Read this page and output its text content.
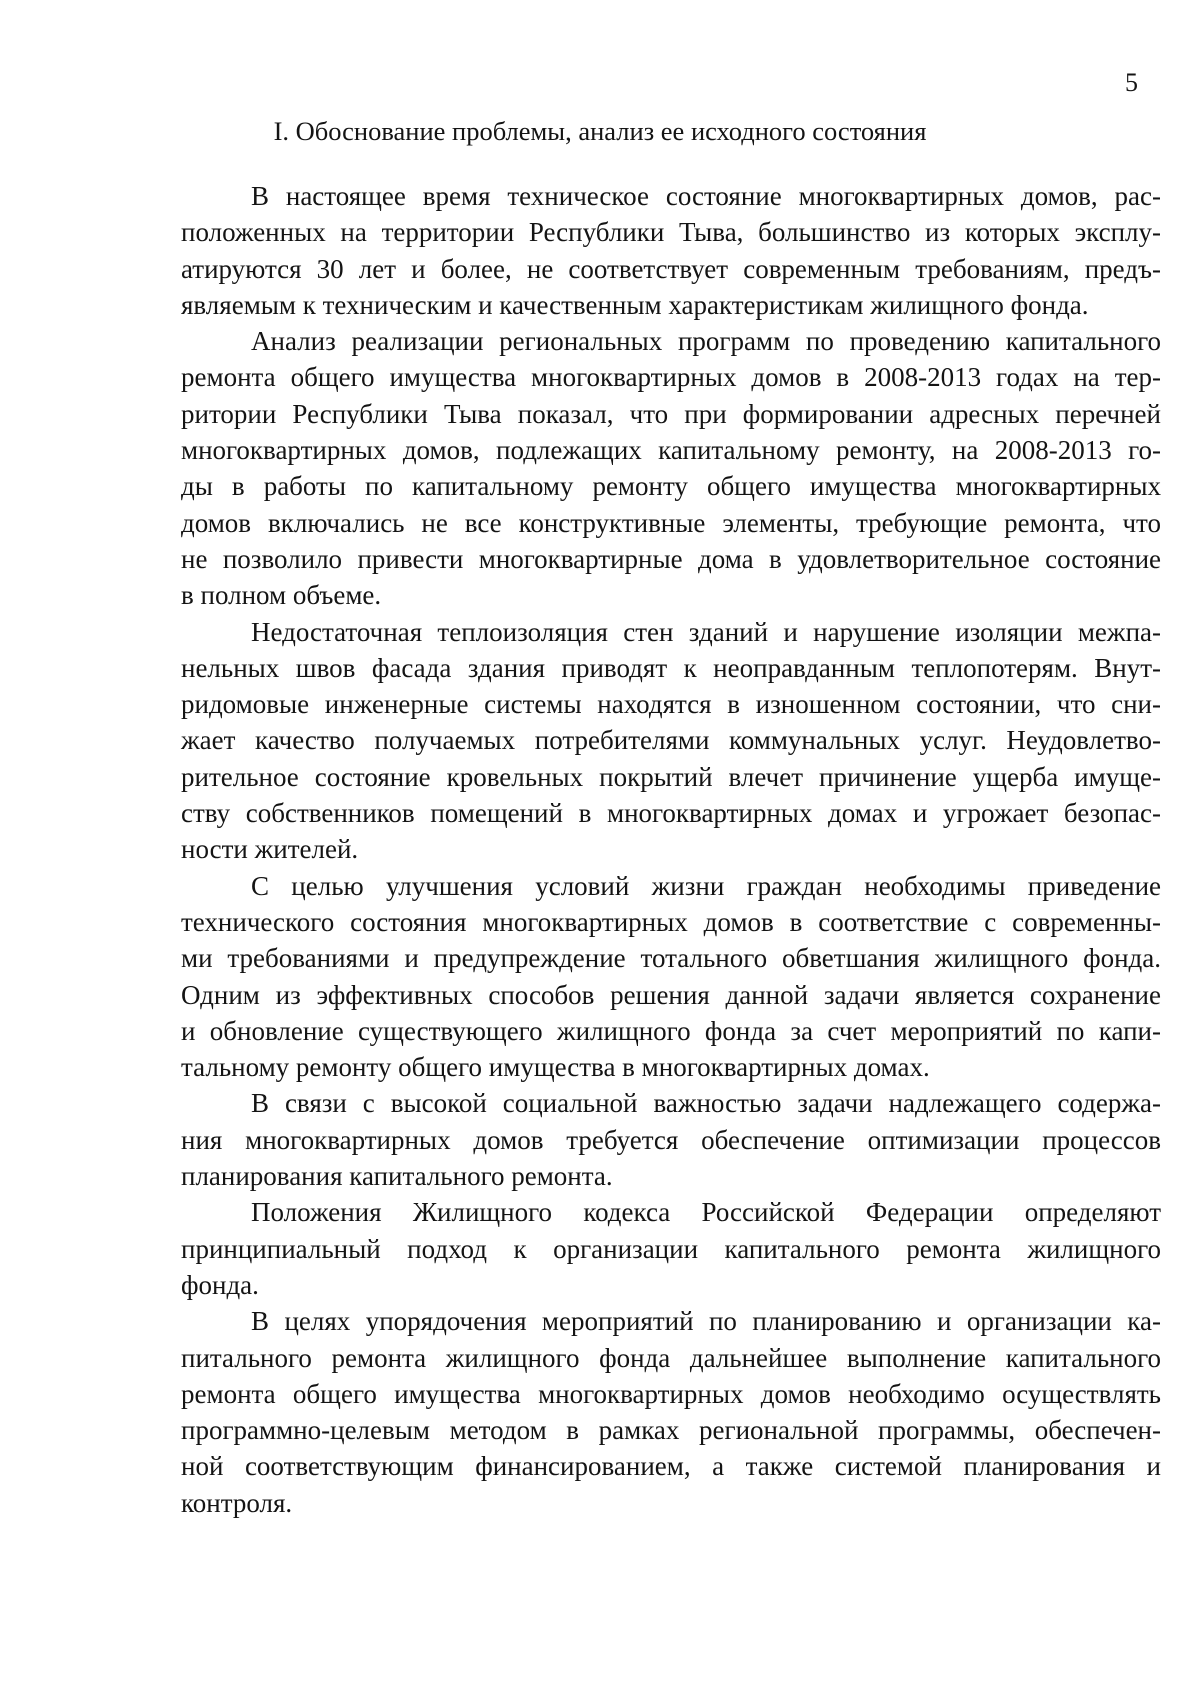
5
I. Обоснование проблемы, анализ ее исходного состояния

В настоящее время техническое состояние многоквартирных домов, рас-
положенных на территории Республики Тыва, большинство из которых эксплу-
атируются 30 лет и более, не соответствует современным требованиям, предъ-
являемым к техническим и качественным характеристикам жилищного фонда.

Анализ реализации региональных программ по проведению капитального
ремонта общего имущества многоквартирных домов в 2008-2013 годах на тер-
ритории Республики Тыва показал, что при формировании адресных перечней
многоквартирных домов, подлежащих капитальному ремонту, на 2008-2013 го-
ды в работы по капитальному ремонту общего имущества многоквартирных
домов включались не все конструктивные элементы, требующие ремонта, что
не позволило привести многоквартирные дома в удовлетворительное состояние
в полном объеме.

Недостаточная теплоизоляция стен зданий и нарушение изоляции межпа-
нельных швов фасада здания приводят к неоправданным теплопотерям. Внут-
ридомовые инженерные системы находятся в изношенном состоянии, что сни-
жает качество получаемых потребителями коммунальных услуг. Неудовлетво-
рительное состояние кровельных покрытий влечет причинение ущерба имуще-
ству собственников помещений в многоквартирных домах и угрожает безопас-
ности жителей.

С целью улучшения условий жизни граждан необходимы приведение
технического состояния многоквартирных домов в соответствие с современны-
ми требованиями и предупреждение тотального обветшания жилищного фонда.
Одним из эффективных способов решения данной задачи является сохранение
и обновление существующего жилищного фонда за счет мероприятий по капи-
тальному ремонту общего имущества в многоквартирных домах.

В связи с высокой социальной важностью задачи надлежащего содержа-
ния многоквартирных домов требуется обеспечение оптимизации процессов
планирования капитального ремонта.

Положения Жилищного кодекса Российской Федерации определяют
принципиальный подход к организации капитального ремонта жилищного
фонда.

В целях упорядочения мероприятий по планированию и организации ка-
питального ремонта жилищного фонда дальнейшее выполнение капитального
ремонта общего имущества многоквартирных домов необходимо осуществлять
программно-целевым методом в рамках региональной программы, обеспечен-
ной соответствующим финансированием, а также системой планирования и
контроля.
